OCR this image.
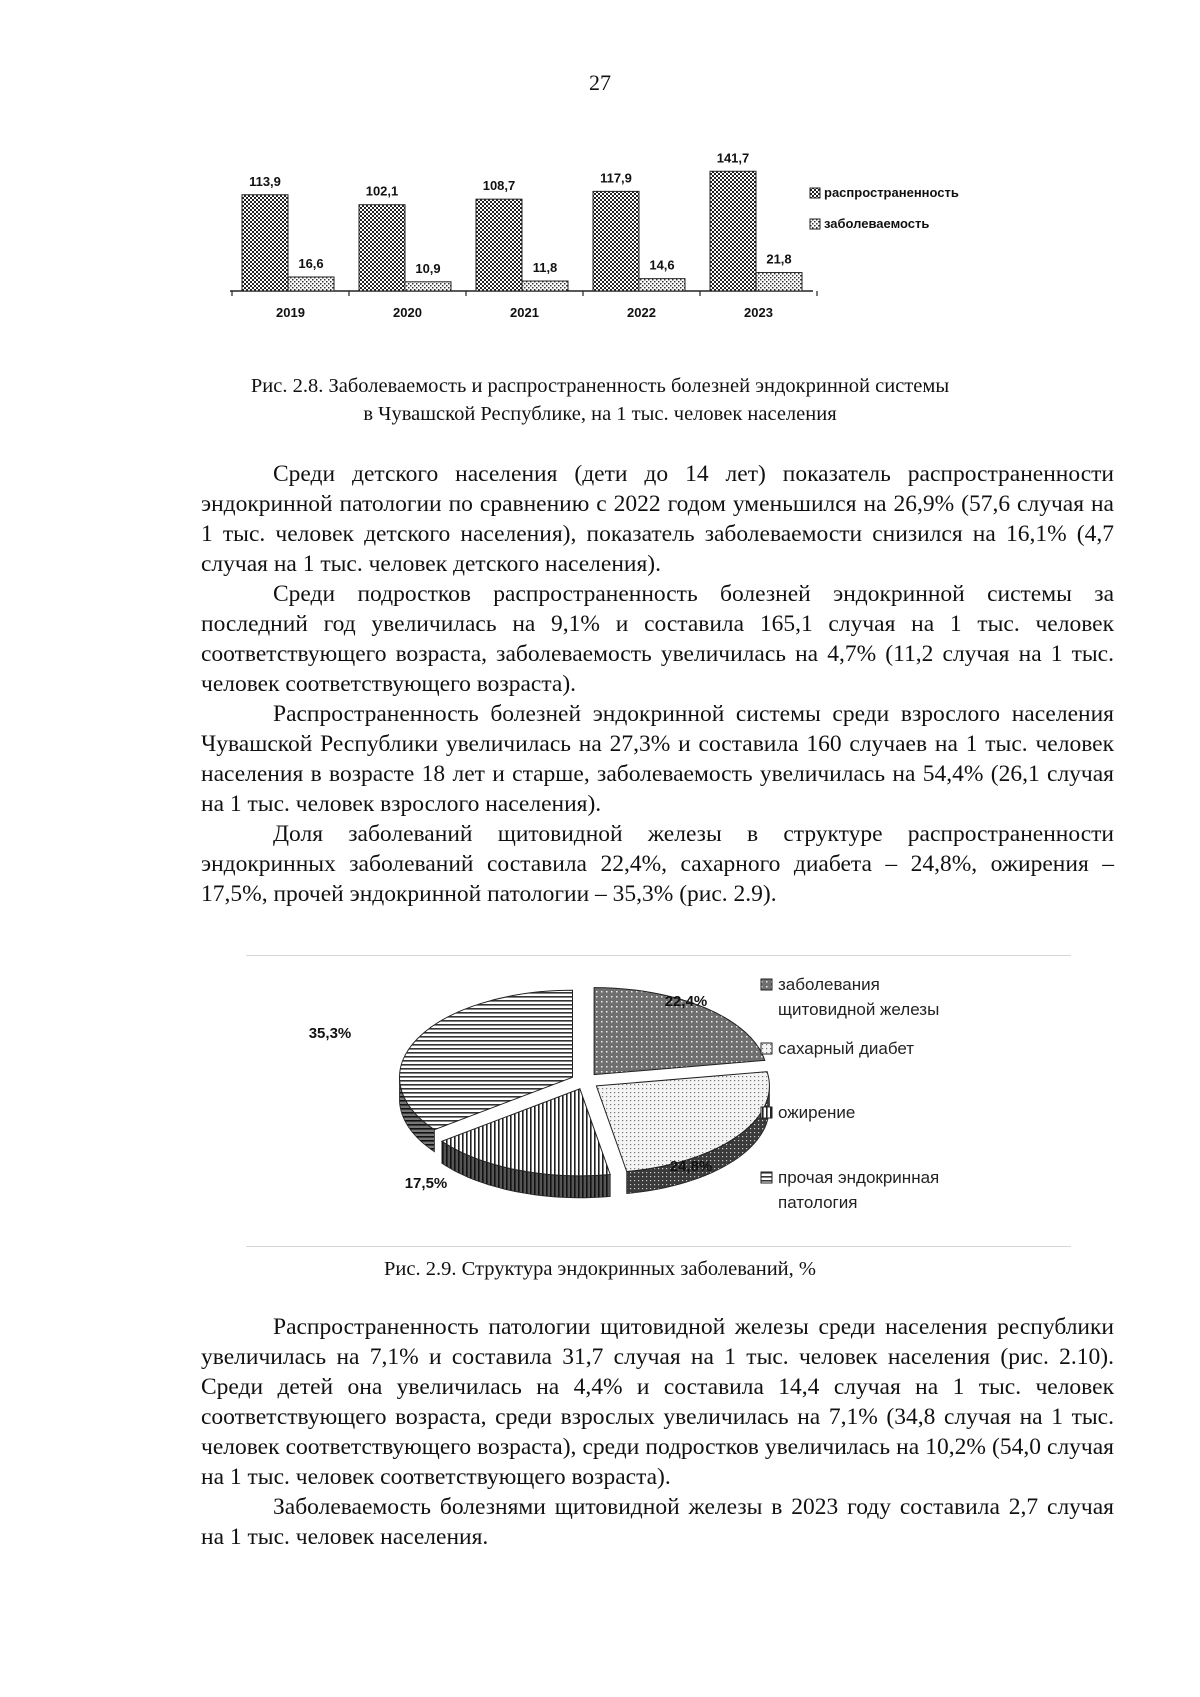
27
113,9
16,6
2019
102,1
10,9
2020
108,7
11,8
2021
117,9
14,6
2022
141,7
21,8
2023
распространенность
заболеваемость
Рис. 2.8. Заболеваемость и распространенность болезней эндокринной системы
в Чувашской Республике, на 1 тыс. человек населения

Среди детского населения (дети до 14 лет) показатель распространенности эндокринной патологии по сравнению с 2022 годом уменьшился на 26,9% (57,6 случая на 1 тыс. человек детского населения), показатель заболеваемости снизился на 16,1% (4,7 случая на 1 тыс. человек детского населения).

Среди подростков распространенность болезней эндокринной системы за последний год увеличилась на 9,1% и составила 165,1 случая на 1 тыс. человек соответствующего возраста, заболеваемость увеличилась на 4,7% (11,2 случая на 1 тыс. человек соответствующего возраста).

Распространенность болезней эндокринной системы среди взрослого населения Чувашской Республики увеличилась на 27,3% и составила 160 случаев на 1 тыс. человек населения в возрасте 18 лет и старше, заболеваемость увеличилась на 54,4% (26,1 случая на 1 тыс. человек взрослого населения).

Доля заболеваний щитовидной железы в структуре распространенности эндокринных заболеваний составила 22,4%, сахарного диабета – 24,8%, ожирения – 17,5%, прочей эндокринной патологии – 35,3% (рис. 2.9).

22,4%
24,8%
17,5%
35,3%
заболевания
щитовидной железы
сахарный диабет
ожирение
прочая эндокринная
патология
Рис. 2.9. Структура эндокринных заболеваний, %

Распространенность патологии щитовидной железы среди населения республики увеличилась на 7,1% и составила 31,7 случая на 1 тыс. человек населения (рис. 2.10). Среди детей она увеличилась на 4,4% и составила 14,4 случая на 1 тыс. человек соответствующего возраста, среди взрослых увеличилась на 7,1% (34,8 случая на 1 тыс. человек соответствующего возраста), среди подростков увеличилась на 10,2% (54,0 случая на 1 тыс. человек соответствующего возраста).

Заболеваемость болезнями щитовидной железы в 2023 году составила 2,7 случая на 1 тыс. человек населения.
